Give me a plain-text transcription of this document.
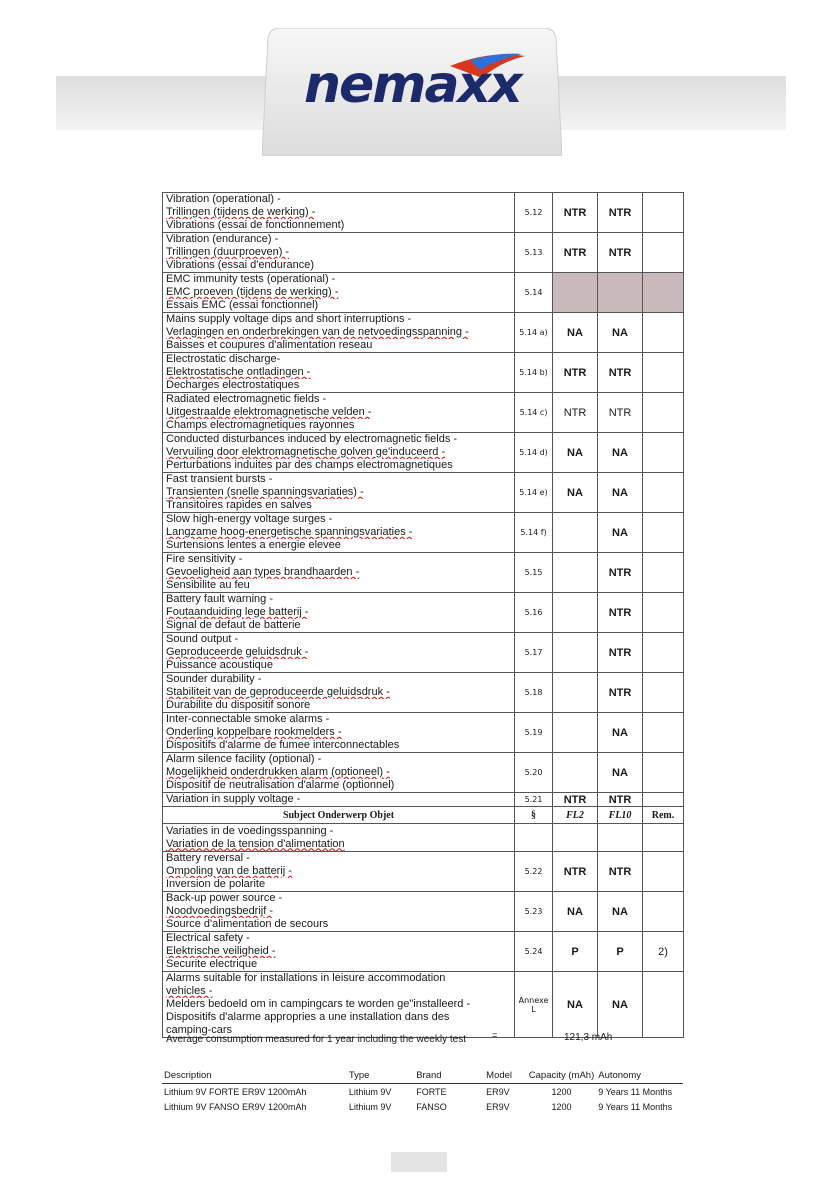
nemaxx
Vibration (operational) -
Trillingen (tijdens de werking) -
Vibrations (essai de fonctionnement)	5.12	NTR	NTR	

Vibration (endurance) -
Trillingen (duurproeven) -
Vibrations (essai d'endurance)	5.13	NTR	NTR	

EMC immunity tests (operational) -
EMC proeven (tijdens de werking) -
Essais EMC (essai fonctionnel)	5.14			

Mains supply voltage dips and short interruptions -
Verlagingen en onderbrekingen van de netvoedingsspanning -
Baisses et coupures d'alimentation reseau	5.14 a)	NA	NA	

Electrostatic discharge-
Elektrostatische ontladingen -
Decharges electrostatiques	5.14 b)	NTR	NTR	

Radiated electromagnetic fields -
Uitgestraalde elektromagnetische velden -
Champs electromagnetiques rayonnes	5.14 c)	NTR	NTR	

Conducted disturbances induced by electromagnetic fields -
Vervuiling door elektromagnetische golven ge'induceerd -
Perturbations induites par des champs electromagnetiques	5.14 d)	NA	NA	

Fast transient bursts -
Transienten (snelle spanningsvariaties) -
Transitoires rapides en salves	5.14 e)	NA	NA	

Slow high-energy voltage surges -
Langzame hoog-energetische spanningsvariaties -
Surtensions lentes a energie elevee	5.14 f)		NA	

Fire sensitivity -
Gevoeligheid aan types brandhaarden -
Sensibilite au feu	5.15		NTR	

Battery fault warning -
Foutaanduiding lege batterij -
Signal de defaut de batterie	5.16		NTR	

Sound output -
Geproduceerde geluidsdruk -
Puissance acoustique	5.17		NTR	

Sounder durability -
Stabiliteit van de geproduceerde geluidsdruk -
Durabilite du dispositif sonore	5.18		NTR	

Inter-connectable smoke alarms -
Onderling koppelbare rookmelders -
Dispositifs d'alarme de fumee interconnectables	5.19		NA	

Alarm silence facility (optional) -
Mogelijkheid onderdrukken alarm (optioneel) -
Dispositif de neutralisation d'alarme (optionnel)	5.20		NA	

Variation in supply voltage -	5.21	NTR	NTR	
Subject Onderwerp Objet	§	FL2	FL10	Rem.

Variaties in de voedingsspanning -
Variation de la tension d'alimentation				

Battery reversal -
Ompoling van de batterij -
Inversion de polarite	5.22	NTR	NTR	

Back-up power source -
Noodvoedingsbedrijf -
Source d'alimentation de secours	5.23	NA	NA	

Electrical safety -
Elektrische veiligheid -
Securite electrique	5.24	P	P	2)

Alarms suitable for installations in leisure accommodation
vehicles -
Melders bedoeld om in campingcars te worden ge"installeerd -
Dispositifs d'alarme appropries a une installation dans des
camping-cars	Annexe L	NA	NA	
Average consumption measured for 1 year including the weekly test	=	121,3 mAh
Description	Type	Brand	Model	Capacity (mAh)	Autonomy
Lithium 9V FORTE ER9V 1200mAh	Lithium 9V	FORTE	ER9V	1200	9 Years 11 Months
Lithium 9V FANSO ER9V 1200mAh	Lithium 9V	FANSO	ER9V	1200	9 Years 11 Months
